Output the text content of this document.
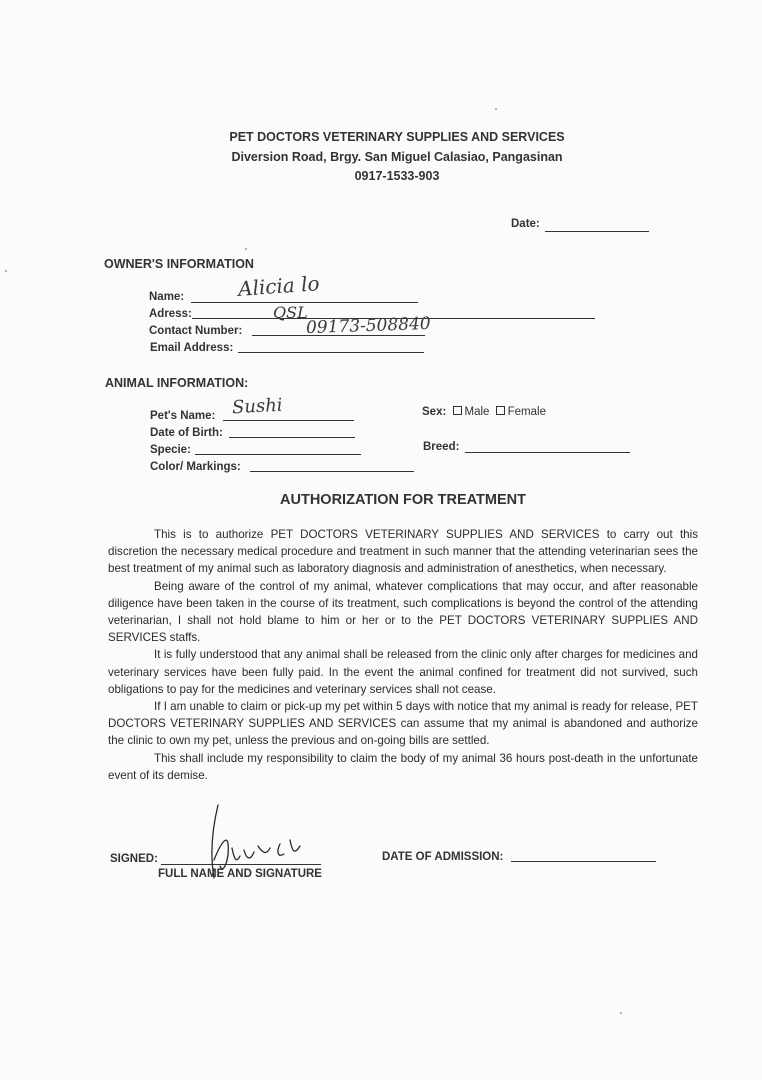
PET DOCTORS VETERINARY SUPPLIES AND SERVICES
Diversion Road, Brgy. San Miguel Calasiao, Pangasinan
0917-1533-903
Date:
OWNER'S INFORMATION
Name:	Alicia lo
Adress:	QSL
Contact Number:	09173-508840
Email Address:
ANIMAL INFORMATION:
Pet's Name: Sushi
Date of Birth:
Specie:
Color/ Markings:
Sex: Male Female
Breed:
AUTHORIZATION FOR TREATMENT

This is to authorize PET DOCTORS VETERINARY SUPPLIES AND SERVICES to carry out this discretion the necessary medical procedure and treatment in such manner that the attending veterinarian sees the best treatment of my animal such as laboratory diagnosis and administration of anesthetics, when necessary.

Being aware of the control of my animal, whatever complications that may occur, and after reasonable diligence have been taken in the course of its treatment, such complications is beyond the control of the attending veterinarian, I shall not hold blame to him or her or to the PET DOCTORS VETERINARY SUPPLIES AND SERVICES staffs.

It is fully understood that any animal shall be released from the clinic only after charges for medicines and veterinary services have been fully paid. In the event the animal confined for treatment did not survived, such obligations to pay for the medicines and veterinary services shall not cease.

If I am unable to claim or pick-up my pet within 5 days with notice that my animal is ready for release, PET DOCTORS VETERINARY SUPPLIES AND SERVICES can assume that my animal is abandoned and authorize the clinic to own my pet, unless the previous and on-going bills are settled.

This shall include my responsibility to claim the body of my animal 36 hours post-death in the unfortunate event of its demise.

SIGNED:
FULL NAME AND SIGNATURE
DATE OF ADMISSION:
